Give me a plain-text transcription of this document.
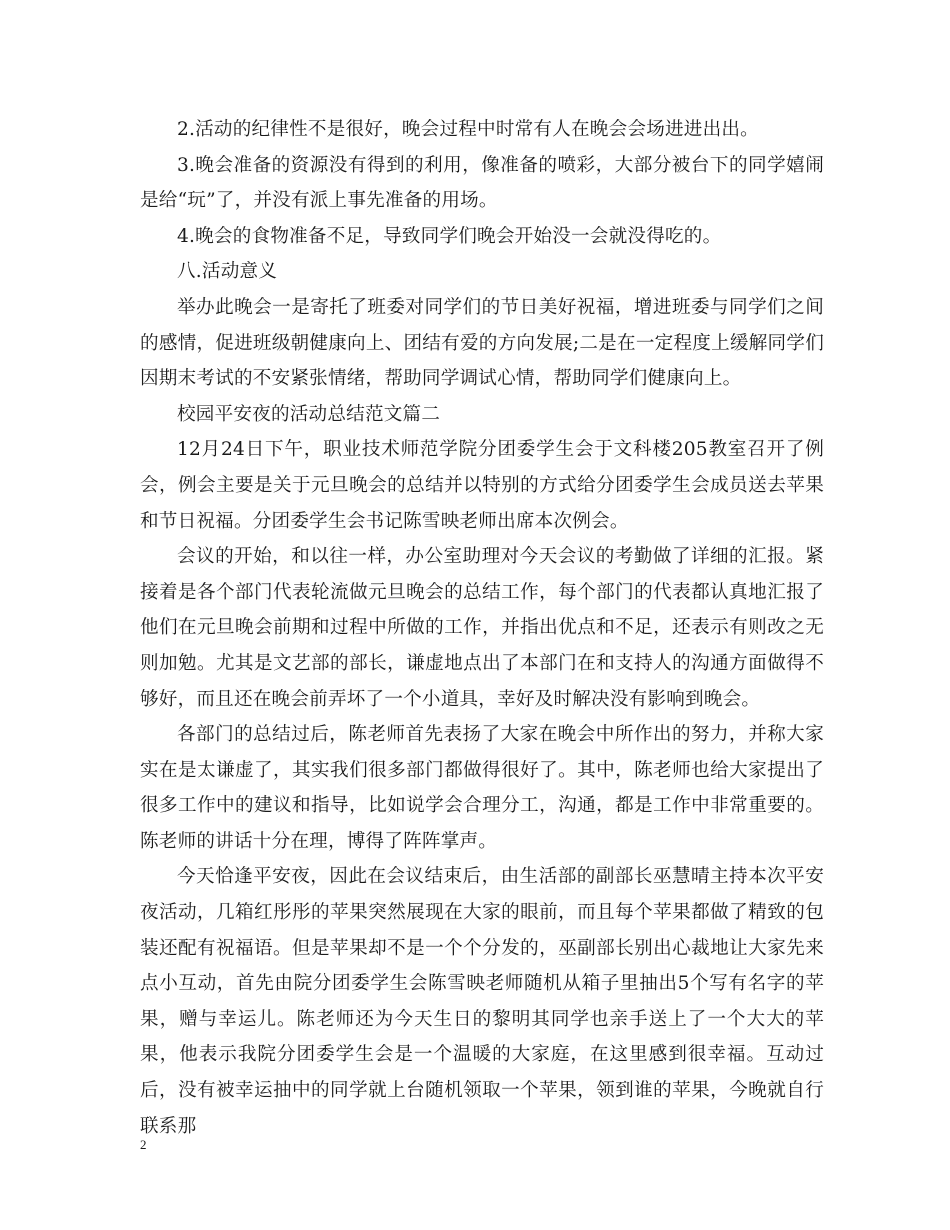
2.活动的纪律性不是很好，晚会过程中时常有人在晚会会场进进出出。

3.晚会准备的资源没有得到的利用，像准备的喷彩，大部分被台下的同学嬉闹是给“玩”了，并没有派上事先准备的用场。

4.晚会的食物准备不足，导致同学们晚会开始没一会就没得吃的。

八.活动意义

举办此晚会一是寄托了班委对同学们的节日美好祝福，增进班委与同学们之间的感情，促进班级朝健康向上、团结有爱的方向发展;二是在一定程度上缓解同学们因期末考试的不安紧张情绪，帮助同学调试心情，帮助同学们健康向上。

校园平安夜的活动总结范文篇二

12月24日下午，职业技术师范学院分团委学生会于文科楼205教室召开了例会，例会主要是关于元旦晚会的总结并以特别的方式给分团委学生会成员送去苹果和节日祝福。分团委学生会书记陈雪映老师出席本次例会。

会议的开始，和以往一样，办公室助理对今天会议的考勤做了详细的汇报。紧接着是各个部门代表轮流做元旦晚会的总结工作，每个部门的代表都认真地汇报了他们在元旦晚会前期和过程中所做的工作，并指出优点和不足，还表示有则改之无则加勉。尤其是文艺部的部长，谦虚地点出了本部门在和支持人的沟通方面做得不够好，而且还在晚会前弄坏了一个小道具，幸好及时解决没有影响到晚会。

各部门的总结过后，陈老师首先表扬了大家在晚会中所作出的努力，并称大家实在是太谦虚了，其实我们很多部门都做得很好了。其中，陈老师也给大家提出了很多工作中的建议和指导，比如说学会合理分工，沟通，都是工作中非常重要的。陈老师的讲话十分在理，博得了阵阵掌声。

今天恰逢平安夜，因此在会议结束后，由生活部的副部长巫慧晴主持本次平安夜活动，几箱红彤彤的苹果突然展现在大家的眼前，而且每个苹果都做了精致的包装还配有祝福语。但是苹果却不是一个个分发的，巫副部长别出心裁地让大家先来点小互动，首先由院分团委学生会陈雪映老师随机从箱子里抽出5个写有名字的苹果，赠与幸运儿。陈老师还为今天生日的黎明其同学也亲手送上了一个大大的苹果，他表示我院分团委学生会是一个温暖的大家庭，在这里感到很幸福。互动过后，没有被幸运抽中的同学就上台随机领取一个苹果，领到谁的苹果，今晚就自行联系那

2
